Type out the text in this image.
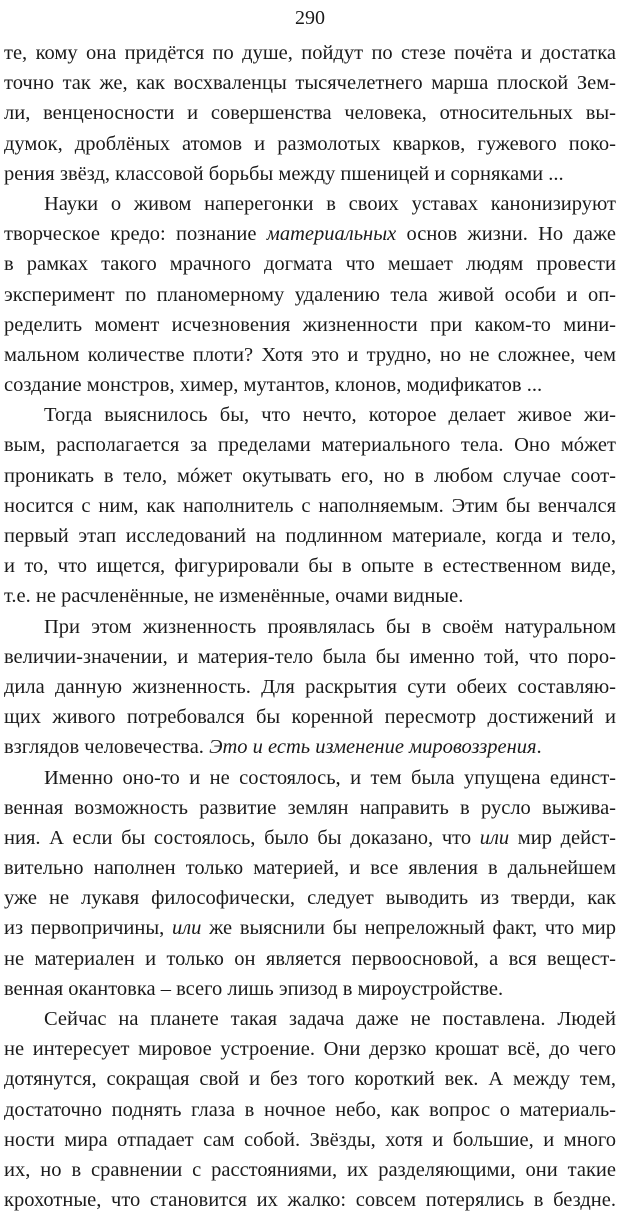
290
те, кому она придётся по душе, пойдут по стезе почёта и достатка
точно так же, как восхваленцы тысячелетнего марша плоской Зем-
ли, венценосности и совершенства человека, относительных вы-
думок, дроблёных атомов и размолотых кварков, гужевого поко-
рения звёзд, классовой борьбы между пшеницей и сорняками ...
Науки о живом наперегонки в своих уставах канонизируют
творческое кредо: познание материальных основ жизни. Но даже
в рамках такого мрачного догмата что мешает людям провести
эксперимент по планомерному удалению тела живой особи и оп-
ределить момент исчезновения жизненности при каком-то мини-
мальном количестве плоти? Хотя это и трудно, но не сложнее, чем
создание монстров, химер, мутантов, клонов, модификатов ...
Тогда выяснилось бы, что нечто, которое делает живое жи-
вым, располагается за пределами материального тела. Оно мóжет
проникать в тело, мóжет окутывать его, но в любом случае соот-
носится с ним, как наполнитель с наполняемым. Этим бы венчался
первый этап исследований на подлинном материале, когда и тело,
и то, что ищется, фигурировали бы в опыте в естественном виде,
т.е. не расчленённые, не изменённые, очами видные.
При этом жизненность проявлялась бы в своём натуральном
величии-значении, и материя-тело была бы именно той, что поро-
дила данную жизненность. Для раскрытия сути обеих составляю-
щих живого потребовался бы коренной пересмотр достижений и
взглядов человечества. Это и есть изменение мировоззрения.
Именно оно-то и не состоялось, и тем была упущена единст-
венная возможность развитие землян направить в русло выжива-
ния. А если бы состоялось, было бы доказано, что или мир дейст-
вительно наполнен только материей, и все явления в дальнейшем
уже не лукавя философически, следует выводить из тверди, как
из первопричины, или же выяснили бы непреложный факт, что мир
не материален и только он является первоосновой, а вся вещест-
венная окантовка – всего лишь эпизод в мироустройстве.
Сейчас на планете такая задача даже не поставлена. Людей
не интересует мировое устроение. Они дерзко крошат всё, до чего
дотянутся, сокращая свой и без того короткий век. А между тем,
достаточно поднять глаза в ночное небо, как вопрос о материаль-
ности мира отпадает сам собой. Звёзды, хотя и большие, и много
их, но в сравнении с расстояниями, их разделяющими, они такие
крохотные, что становится их жалко: совсем потерялись в бездне.
